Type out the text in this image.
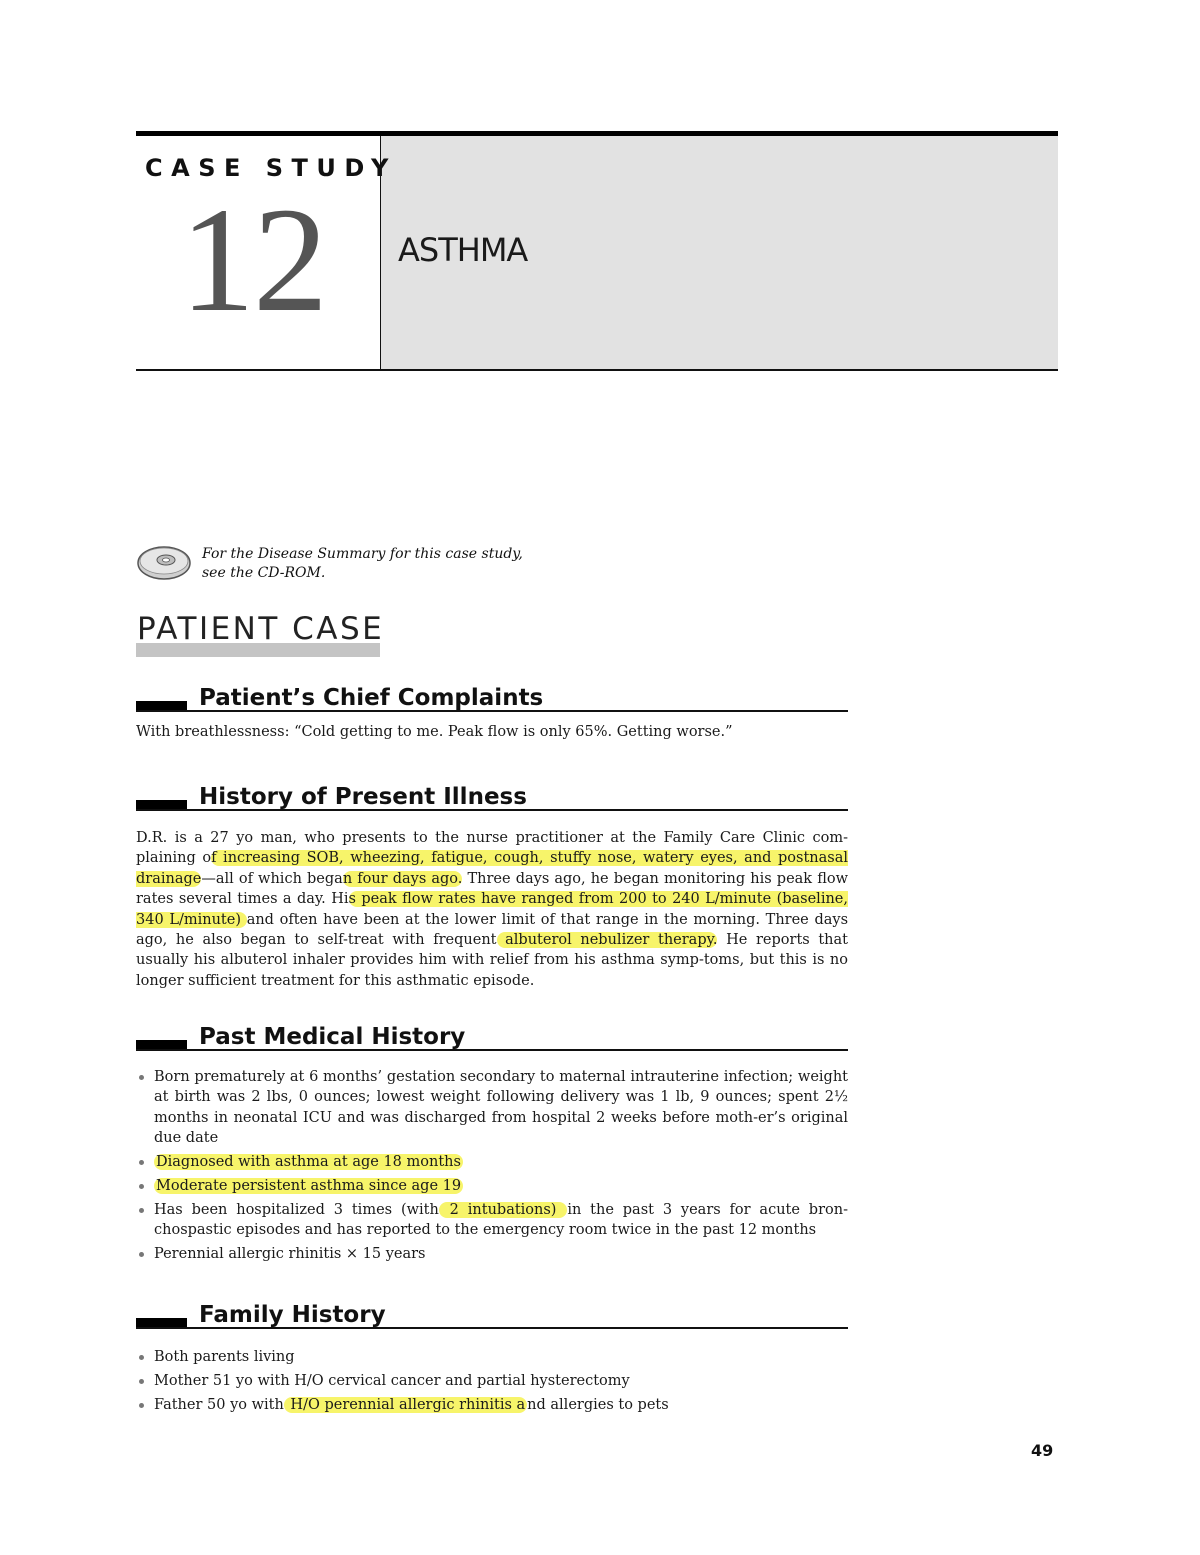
CASE STUDY
12 ASTHMA
For the Disease Summary for this case study,
see the CD-ROM.
PATIENT CASE
Patient’s Chief Complaints
With breathlessness: “Cold getting to me. Peak flow is only 65%. Getting worse.”
History of Present Illness
D.R. is a 27 yo man, who presents to the nurse practitioner at the Family Care Clinic com-plaining of increasing SOB, wheezing, fatigue, cough, stuffy nose, watery eyes, and postnasal drainage—all of which began four days ago. Three days ago, he began monitoring his peak flow rates several times a day. His peak flow rates have ranged from 200 to 240 L/minute (baseline, 340 L/minute) and often have been at the lower limit of that range in the morning. Three days ago, he also began to self-treat with frequent albuterol nebulizer therapy. He reports that usually his albuterol inhaler provides him with relief from his asthma symp-toms, but this is no longer sufficient treatment for this asthmatic episode.
Past Medical History
Born prematurely at 6 months’ gestation secondary to maternal intrauterine infection; weight at birth was 2 lbs, 0 ounces; lowest weight following delivery was 1 lb, 9 ounces; spent 2½ months in neonatal ICU and was discharged from hospital 2 weeks before moth-er’s original due date
Diagnosed with asthma at age 18 months
Moderate persistent asthma since age 19
Has been hospitalized 3 times (with 2 intubations) in the past 3 years for acute bron-chospastic episodes and has reported to the emergency room twice in the past 12 months
Perennial allergic rhinitis × 15 years
Family History
Both parents living
Mother 51 yo with H/O cervical cancer and partial hysterectomy
Father 50 yo with H/O perennial allergic rhinitis a nd allergies to pets
49
